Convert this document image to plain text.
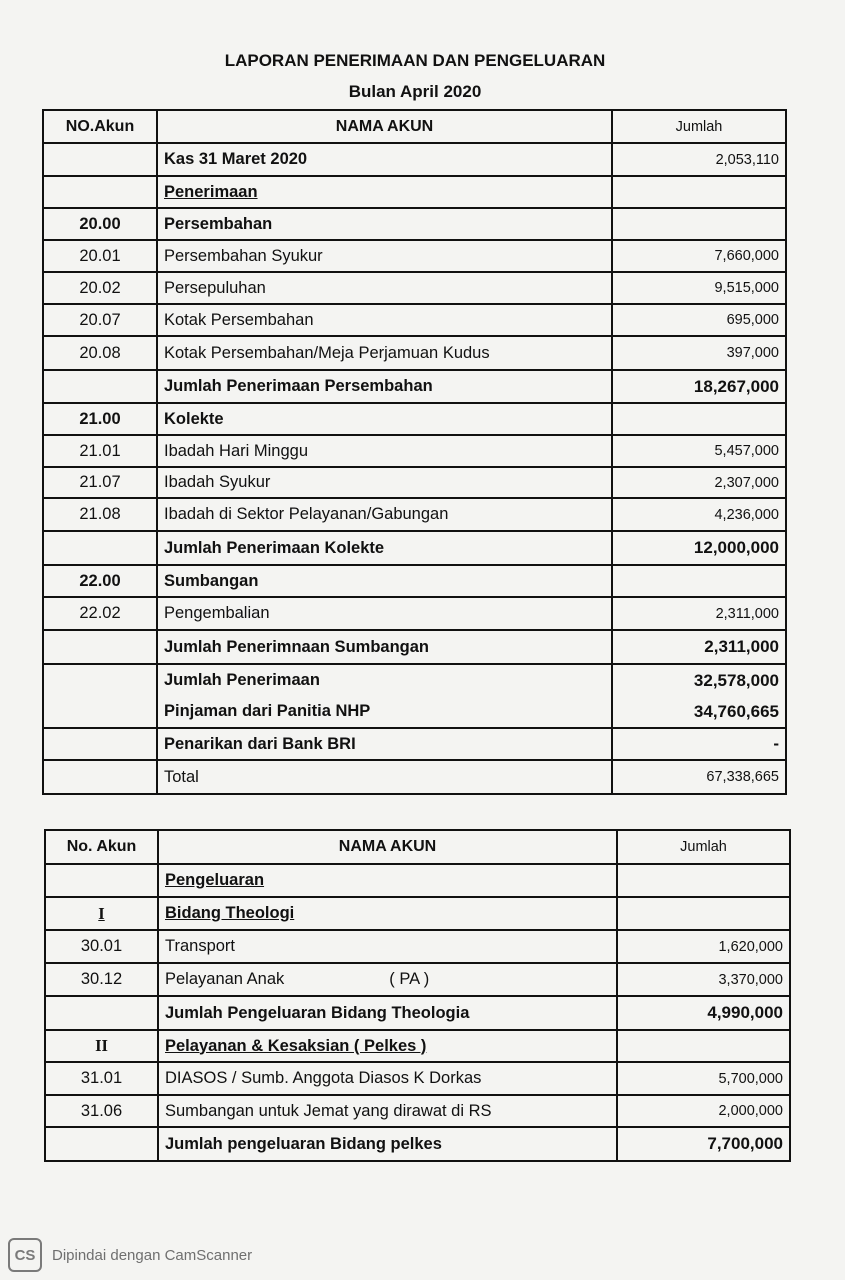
LAPORAN PENERIMAAN DAN PENGELUARAN
Bulan April 2020
NO.Akun	NAMA AKUN	Jumlah
	Kas 31 Maret 2020	2,053,110
	Penerimaan	
20.00	Persembahan	
20.01	Persembahan Syukur	7,660,000
20.02	Persepuluhan	9,515,000
20.07	Kotak Persembahan	695,000
20.08	Kotak Persembahan/Meja Perjamuan Kudus	397,000
	Jumlah Penerimaan Persembahan	18,267,000
21.00	Kolekte	
21.01	Ibadah Hari Minggu	5,457,000
21.07	Ibadah Syukur	2,307,000
21.08	Ibadah di Sektor Pelayanan/Gabungan	4,236,000
	Jumlah Penerimaan Kolekte	12,000,000
22.00	Sumbangan	
22.02	Pengembalian	2,311,000
	Jumlah Penerimnaan Sumbangan	2,311,000
	Jumlah Penerimaan	32,578,000
	Pinjaman dari Panitia NHP	34,760,665
	Penarikan dari Bank BRI	-
	Total	67,338,665
No. Akun	NAMA AKUN	Jumlah
	Pengeluaran	
I	Bidang Theologi	
30.01	Transport	1,620,000
30.12	Pelayanan Anak ( PA )	3,370,000
	Jumlah Pengeluaran Bidang Theologia	4,990,000
II	Pelayanan & Kesaksian ( Pelkes )	
31.01	DIASOS / Sumb. Anggota Diasos K Dorkas	5,700,000
31.06	Sumbangan untuk Jemat yang dirawat di RS	2,000,000
	Jumlah pengeluaran Bidang pelkes	7,700,000
CS	Dipindai dengan CamScanner
